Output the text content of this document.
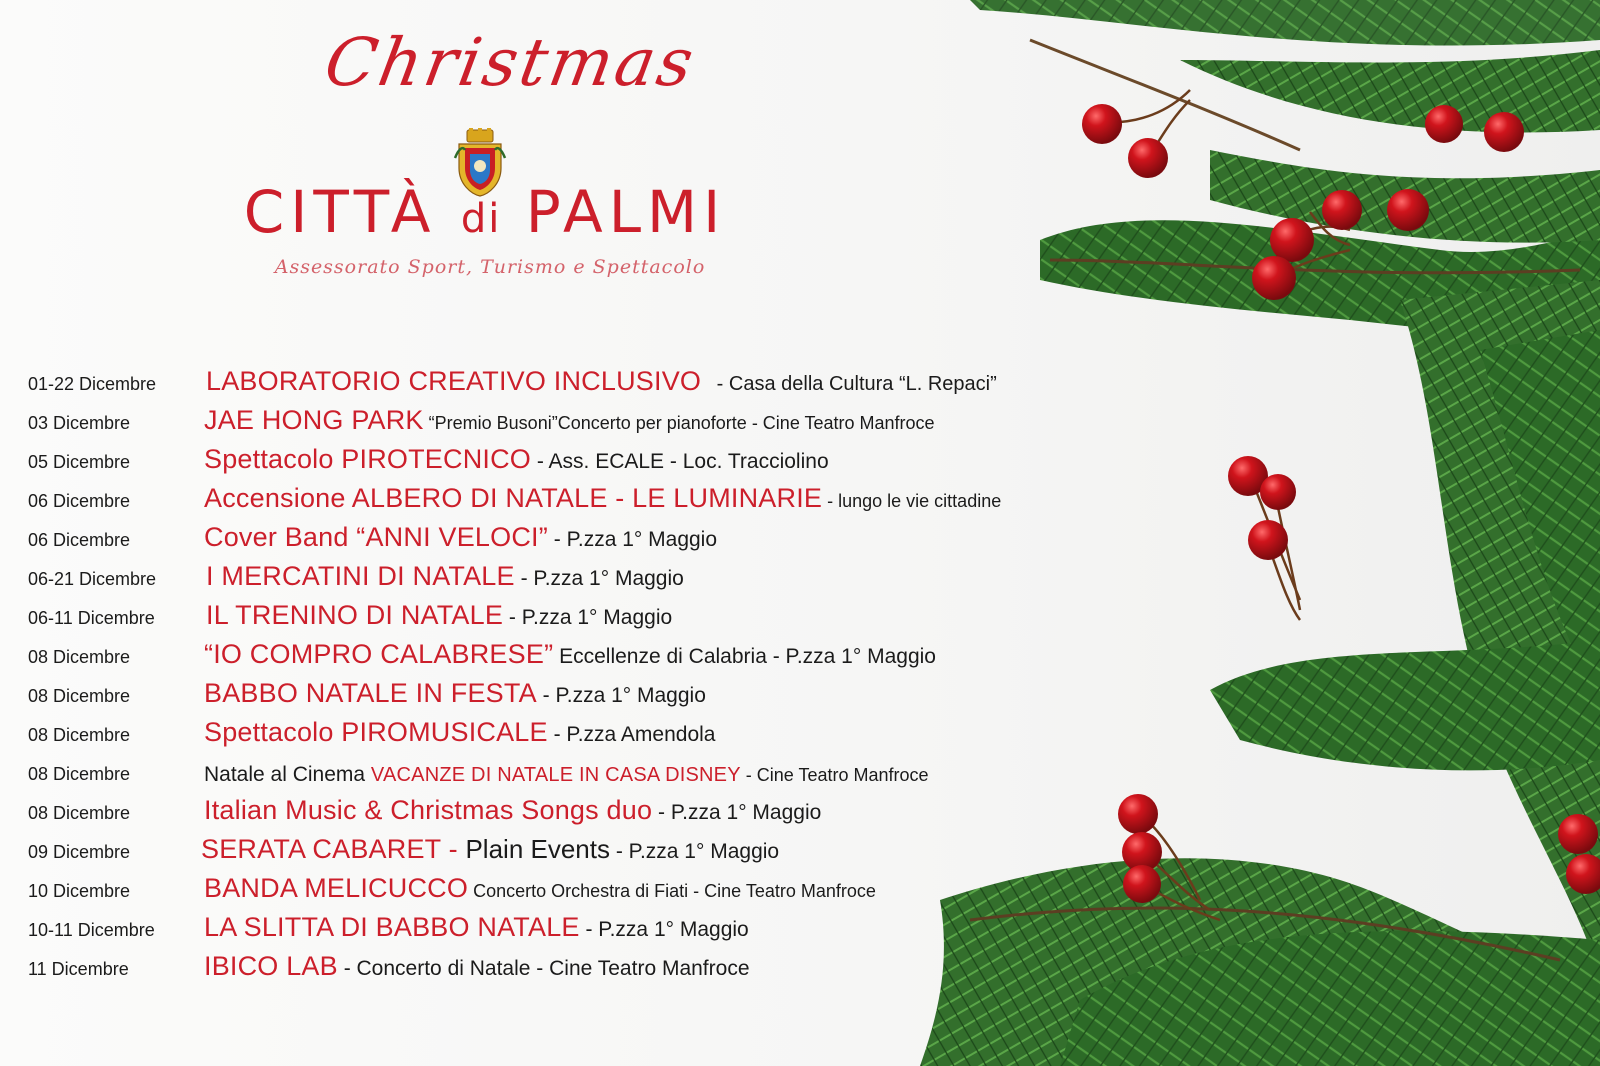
Christmas
CITTÀ di PALMI
Assessorato Sport, Turismo e Spettacolo
01-22 Dicembre LABORATORIO CREATIVO INCLUSIVO - Casa della Cultura “L. Repaci”
03 Dicembre	JAE HONG PARK “Premio Busoni”Concerto per pianoforte - Cine Teatro Manfroce
05 Dicembre	Spettacolo PIROTECNICO - Ass. ECALE - Loc. Tracciolino
06 Dicembre	Accensione ALBERO DI NATALE - LE LUMINARIE - lungo le vie cittadine
06 Dicembre	Cover Band “ANNI VELOCI” - P.zza 1° Maggio
06-21 Dicembre I MERCATINI DI NATALE - P.zza 1° Maggio
06-11 Dicembre IL TRENINO DI NATALE - P.zza 1° Maggio
08 Dicembre	“IO COMPRO CALABRESE” Eccellenze di Calabria - P.zza 1° Maggio
08 Dicembre	BABBO NATALE IN FESTA - P.zza 1° Maggio
08 Dicembre	Spettacolo PIROMUSICALE - P.zza Amendola
08 Dicembre	Natale al Cinema VACANZE DI NATALE IN CASA DISNEY - Cine Teatro Manfroce
08 Dicembre	Italian Music & Christmas Songs duo - P.zza 1° Maggio
09 Dicembre	SERATA CABARET - Plain Events - P.zza 1° Maggio
10 Dicembre	BANDA MELICUCCO Concerto Orchestra di Fiati - Cine Teatro Manfroce
10-11 Dicembre LA SLITTA DI BABBO NATALE - P.zza 1° Maggio
11 Dicembre	IBICO LAB - Concerto di Natale - Cine Teatro Manfroce
